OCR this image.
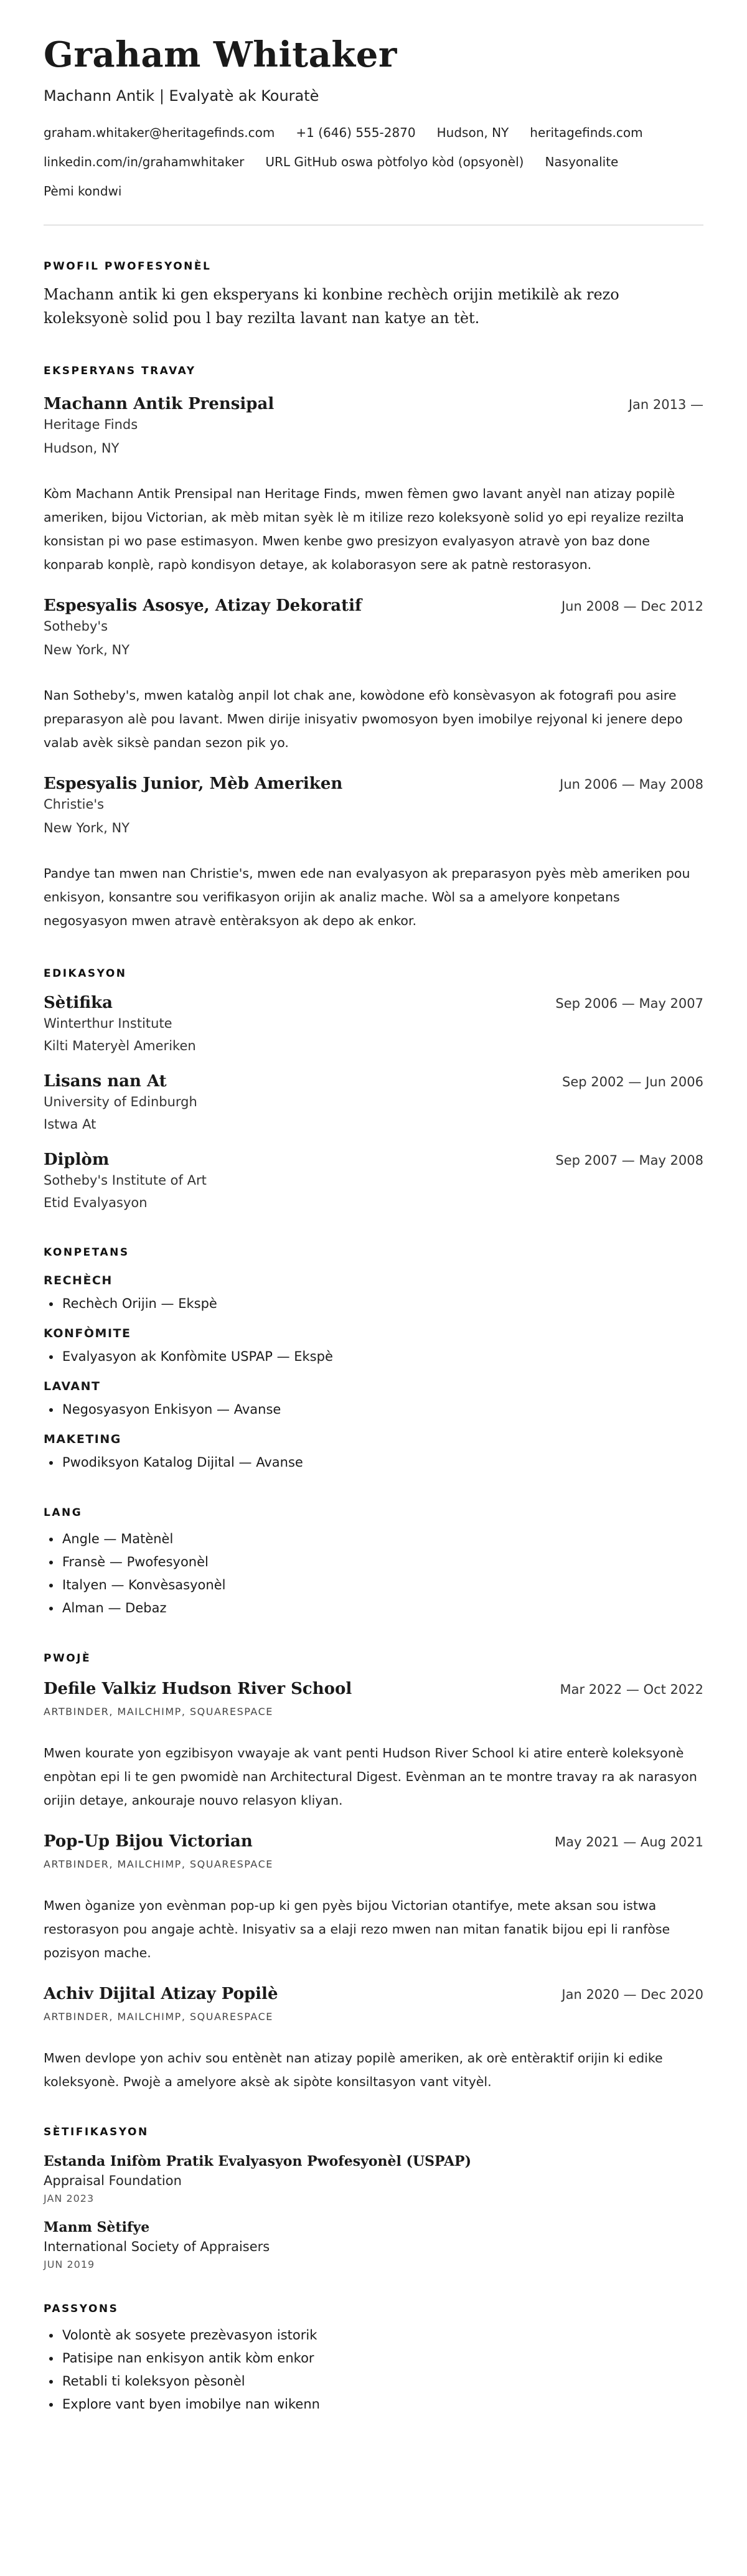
Graham Whitaker
Machann Antik | Evalyatè ak Kouratè
graham.whitaker@heritagefinds.com +1 (646) 555-2870 Hudson, NY heritagefinds.com
linkedin.com/in/grahamwhitaker URL GitHub oswa pòtfolyo kòd (opsyonèl) Nasyonalite
Pèmi kondwi
PWOFIL PWOFESYONÈL
Machann antik ki gen eksperyans ki konbine rechèch orijin metikilè ak rezo koleksyonè solid pou l bay rezilta lavant nan katye an tèt.
EKSPERYANS TRAVAY
Machann Antik Prensipal	Jan 2013 —
Heritage Finds
Hudson, NY
Kòm Machann Antik Prensipal nan Heritage Finds, mwen fèmen gwo lavant anyèl nan atizay popilè ameriken, bijou Victorian, ak mèb mitan syèk lè m itilize rezo koleksyonè solid yo epi reyalize rezilta konsistan pi wo pase estimasyon. Mwen kenbe gwo presizyon evalyasyon atravè yon baz done konparab konplè, rapò kondisyon detaye, ak kolaborasyon sere ak patnè restorasyon.
Espesyalis Asosye, Atizay Dekoratif	Jun 2008 — Dec 2012
Sotheby's
New York, NY
Nan Sotheby's, mwen katalòg anpil lot chak ane, kowòdone efò konsèvasyon ak fotografi pou asire preparasyon alè pou lavant. Mwen dirije inisyativ pwomosyon byen imobilye rejyonal ki jenere depo valab avèk siksè pandan sezon pik yo.
Espesyalis Junior, Mèb Ameriken	Jun 2006 — May 2008
Christie's
New York, NY
Pandye tan mwen nan Christie's, mwen ede nan evalyasyon ak preparasyon pyès mèb ameriken pou enkisyon, konsantre sou verifikasyon orijin ak analiz mache. Wòl sa a amelyore konpetans negosyasyon mwen atravè entèraksyon ak depo ak enkor.
EDIKASYON
Sètifika	Sep 2006 — May 2007
Winterthur Institute
Kilti Materyèl Ameriken
Lisans nan At	Sep 2002 — Jun 2006
University of Edinburgh
Istwa At
Diplòm	Sep 2007 — May 2008
Sotheby's Institute of Art
Etid Evalyasyon
KONPETANS
RECHÈCH
• Rechèch Orijin — Ekspè
KONFÒMITE
• Evalyasyon ak Konfòmite USPAP — Ekspè
LAVANT
• Negosyasyon Enkisyon — Avanse
MAKETING
• Pwodiksyon Katalog Dijital — Avanse
LANG
• Angle — Matènèl
• Fransè — Pwofesyonèl
• Italyen — Konvèsasyonèl
• Alman — Debaz
PWOJÈ
Defile Valkiz Hudson River School	Mar 2022 — Oct 2022
ARTBINDER, MAILCHIMP, SQUARESPACE
Mwen kourate yon egzibisyon vwayaje ak vant penti Hudson River School ki atire enterè koleksyonè enpòtan epi li te gen pwomidè nan Architectural Digest. Evènman an te montre travay ra ak narasyon orijin detaye, ankouraje nouvo relasyon kliyan.
Pop-Up Bijou Victorian	May 2021 — Aug 2021
ARTBINDER, MAILCHIMP, SQUARESPACE
Mwen òganize yon evènman pop-up ki gen pyès bijou Victorian otantifye, mete aksan sou istwa restorasyon pou angaje achtè. Inisyativ sa a elaji rezo mwen nan mitan fanatik bijou epi li ranfòse pozisyon mache.
Achiv Dijital Atizay Popilè	Jan 2020 — Dec 2020
ARTBINDER, MAILCHIMP, SQUARESPACE
Mwen devlope yon achiv sou entènèt nan atizay popilè ameriken, ak orè entèraktif orijin ki edike koleksyonè. Pwojè a amelyore aksè ak sipòte konsiltasyon vant vityèl.
SÈTIFIKASYON
Estanda Inifòm Pratik Evalyasyon Pwofesyonèl (USPAP)
Appraisal Foundation
JAN 2023
Manm Sètifye
International Society of Appraisers
JUN 2019
PASSYONS
• Volontè ak sosyete prezèvasyon istorik
• Patisipe nan enkisyon antik kòm enkor
• Retabli ti koleksyon pèsonèl
• Explore vant byen imobilye nan wikenn
